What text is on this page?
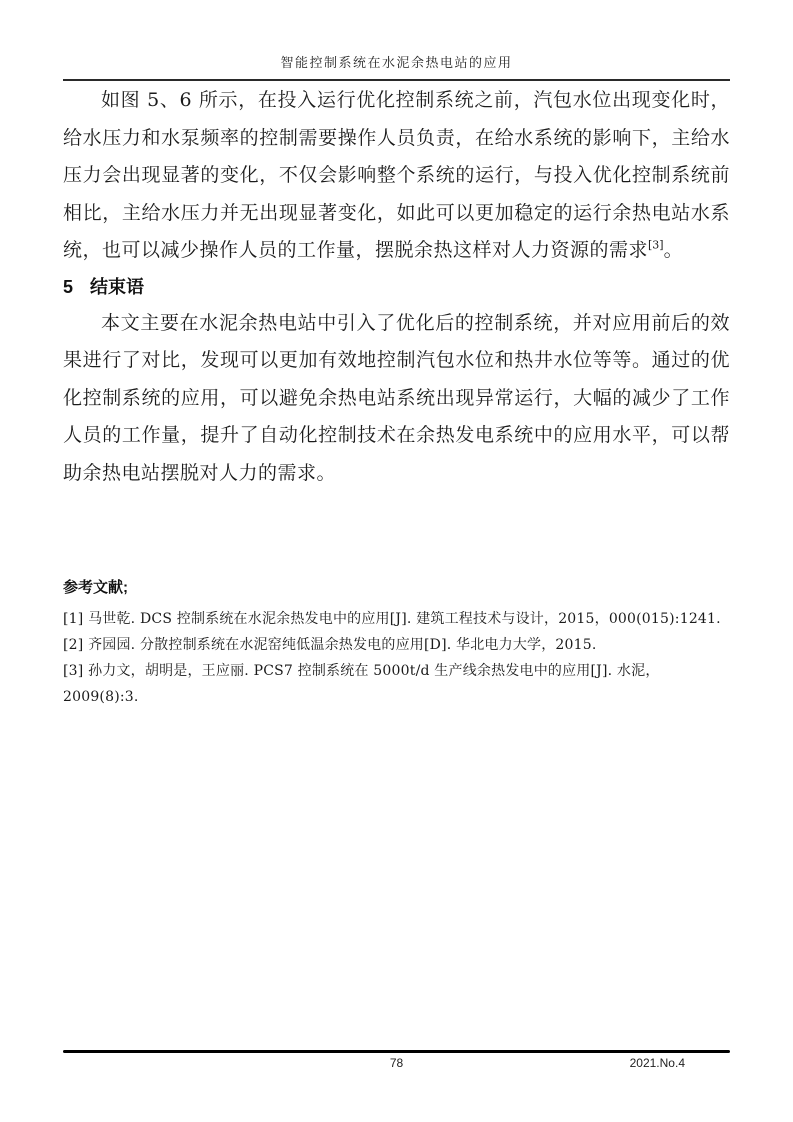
智能控制系统在水泥余热电站的应用

如图 5、6 所示，在投入运行优化控制系统之前，汽包水位出现变化时，给水压力和水泵频率的控制需要操作人员负责，在给水系统的影响下，主给水压力会出现显著的变化，不仅会影响整个系统的运行，与投入优化控制系统前相比，主给水压力并无出现显著变化，如此可以更加稳定的运行余热电站水系统，也可以减少操作人员的工作量，摆脱余热这样对人力资源的需求[3]。

5 结束语

本文主要在水泥余热电站中引入了优化后的控制系统，并对应用前后的效果进行了对比，发现可以更加有效地控制汽包水位和热井水位等等。通过的优化控制系统的应用，可以避免余热电站系统出现异常运行，大幅的减少了工作人员的工作量，提升了自动化控制技术在余热发电系统中的应用水平，可以帮助余热电站摆脱对人力的需求。

参考文献;
[1] 马世乾. DCS 控制系统在水泥余热发电中的应用[J]. 建筑工程技术与设计，2015，000(015):1241.
[2] 齐园园. 分散控制系统在水泥窑纯低温余热发电的应用[D]. 华北电力大学，2015.
[3] 孙力文，胡明是，王应丽. PCS7 控制系统在 5000t/d 生产线余热发电中的应用[J]. 水泥，2009(8):3.
78	2021.No.4
